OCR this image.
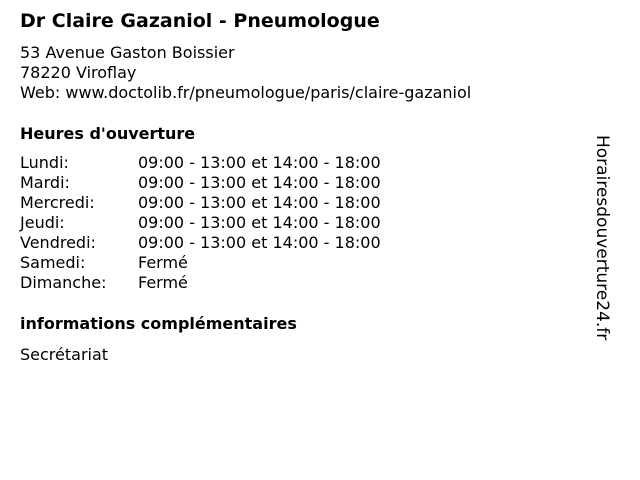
Dr Claire Gazaniol - Pneumologue
53 Avenue Gaston Boissier
78220 Viroflay
Web: www.doctolib.fr/pneumologue/paris/claire-gazaniol
Heures d'ouverture
Lundi:	09:00 - 13:00 et 14:00 - 18:00
Mardi:	09:00 - 13:00 et 14:00 - 18:00
Mercredi:	09:00 - 13:00 et 14:00 - 18:00
Jeudi:	09:00 - 13:00 et 14:00 - 18:00
Vendredi:	09:00 - 13:00 et 14:00 - 18:00
Samedi:	Fermé
Dimanche:	Fermé
informations complémentaires
Secrétariat
Horairesdouverture24.fr
